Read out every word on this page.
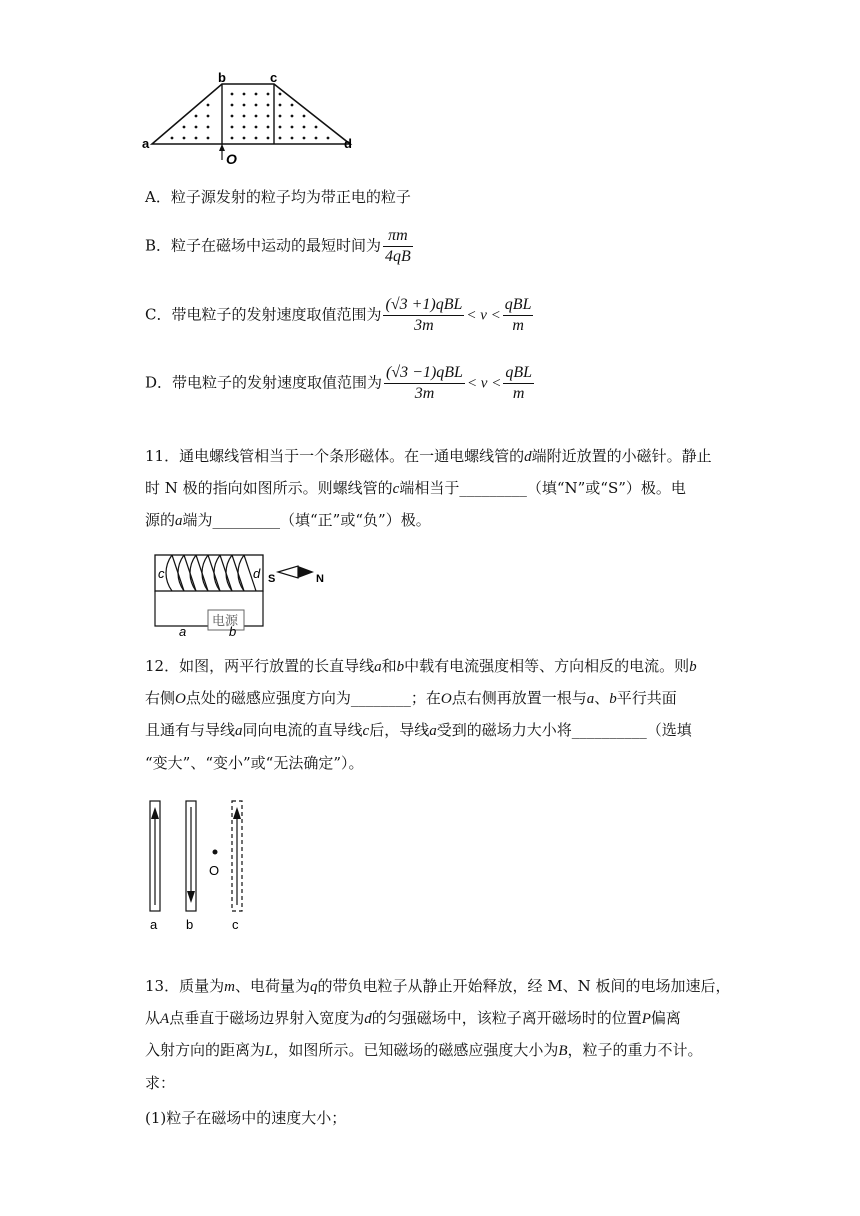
a
b	c
d
O
A．粒子源发射的粒子均为带正电的粒子
B．粒子在磁场中运动的最短时间为 $\frac{\pi m}{4qB}$
C．带电粒子的发射速度取值范围为 $\frac{\text{(√3 +1)qBL}}{3m} < v < \frac{\text{qBL}}{m}$
D．带电粒子的发射速度取值范围为 $\frac{\text{(√3 −1)qBL}}{3m} < v < \frac{\text{qBL}}{m}$
11．通电螺线管相当于一个条形磁体。在一通电螺线管的d端附近放置的小磁针。静止
时 N 极的指向如图所示。则螺线管的c端相当于_________（填“N”或“S”）极。电
源的a端为_________（填“正”或“负”）极。
电源
c	d
a	b
S	N
12．如图，两平行放置的长直导线a和b中载有电流强度相等、方向相反的电流。则b
右侧O点处的磁感应强度方向为________；在O点右侧再放置一根与a、b平行共面
且通有与导线a同向电流的直导线c后，导线a受到的磁场力大小将__________（选填
“变大”、“变小”或“无法确定”）。
O
a b	c
13．质量为m、电荷量为q的带负电粒子从静止开始释放，经 M、N 板间的电场加速后，
从A点垂直于磁场边界射入宽度为d的匀强磁场中，该粒子离开磁场时的位置P偏离
入射方向的距离为L，如图所示。已知磁场的磁感应强度大小为B，粒子的重力不计。
求：
(1)粒子在磁场中的速度大小；
